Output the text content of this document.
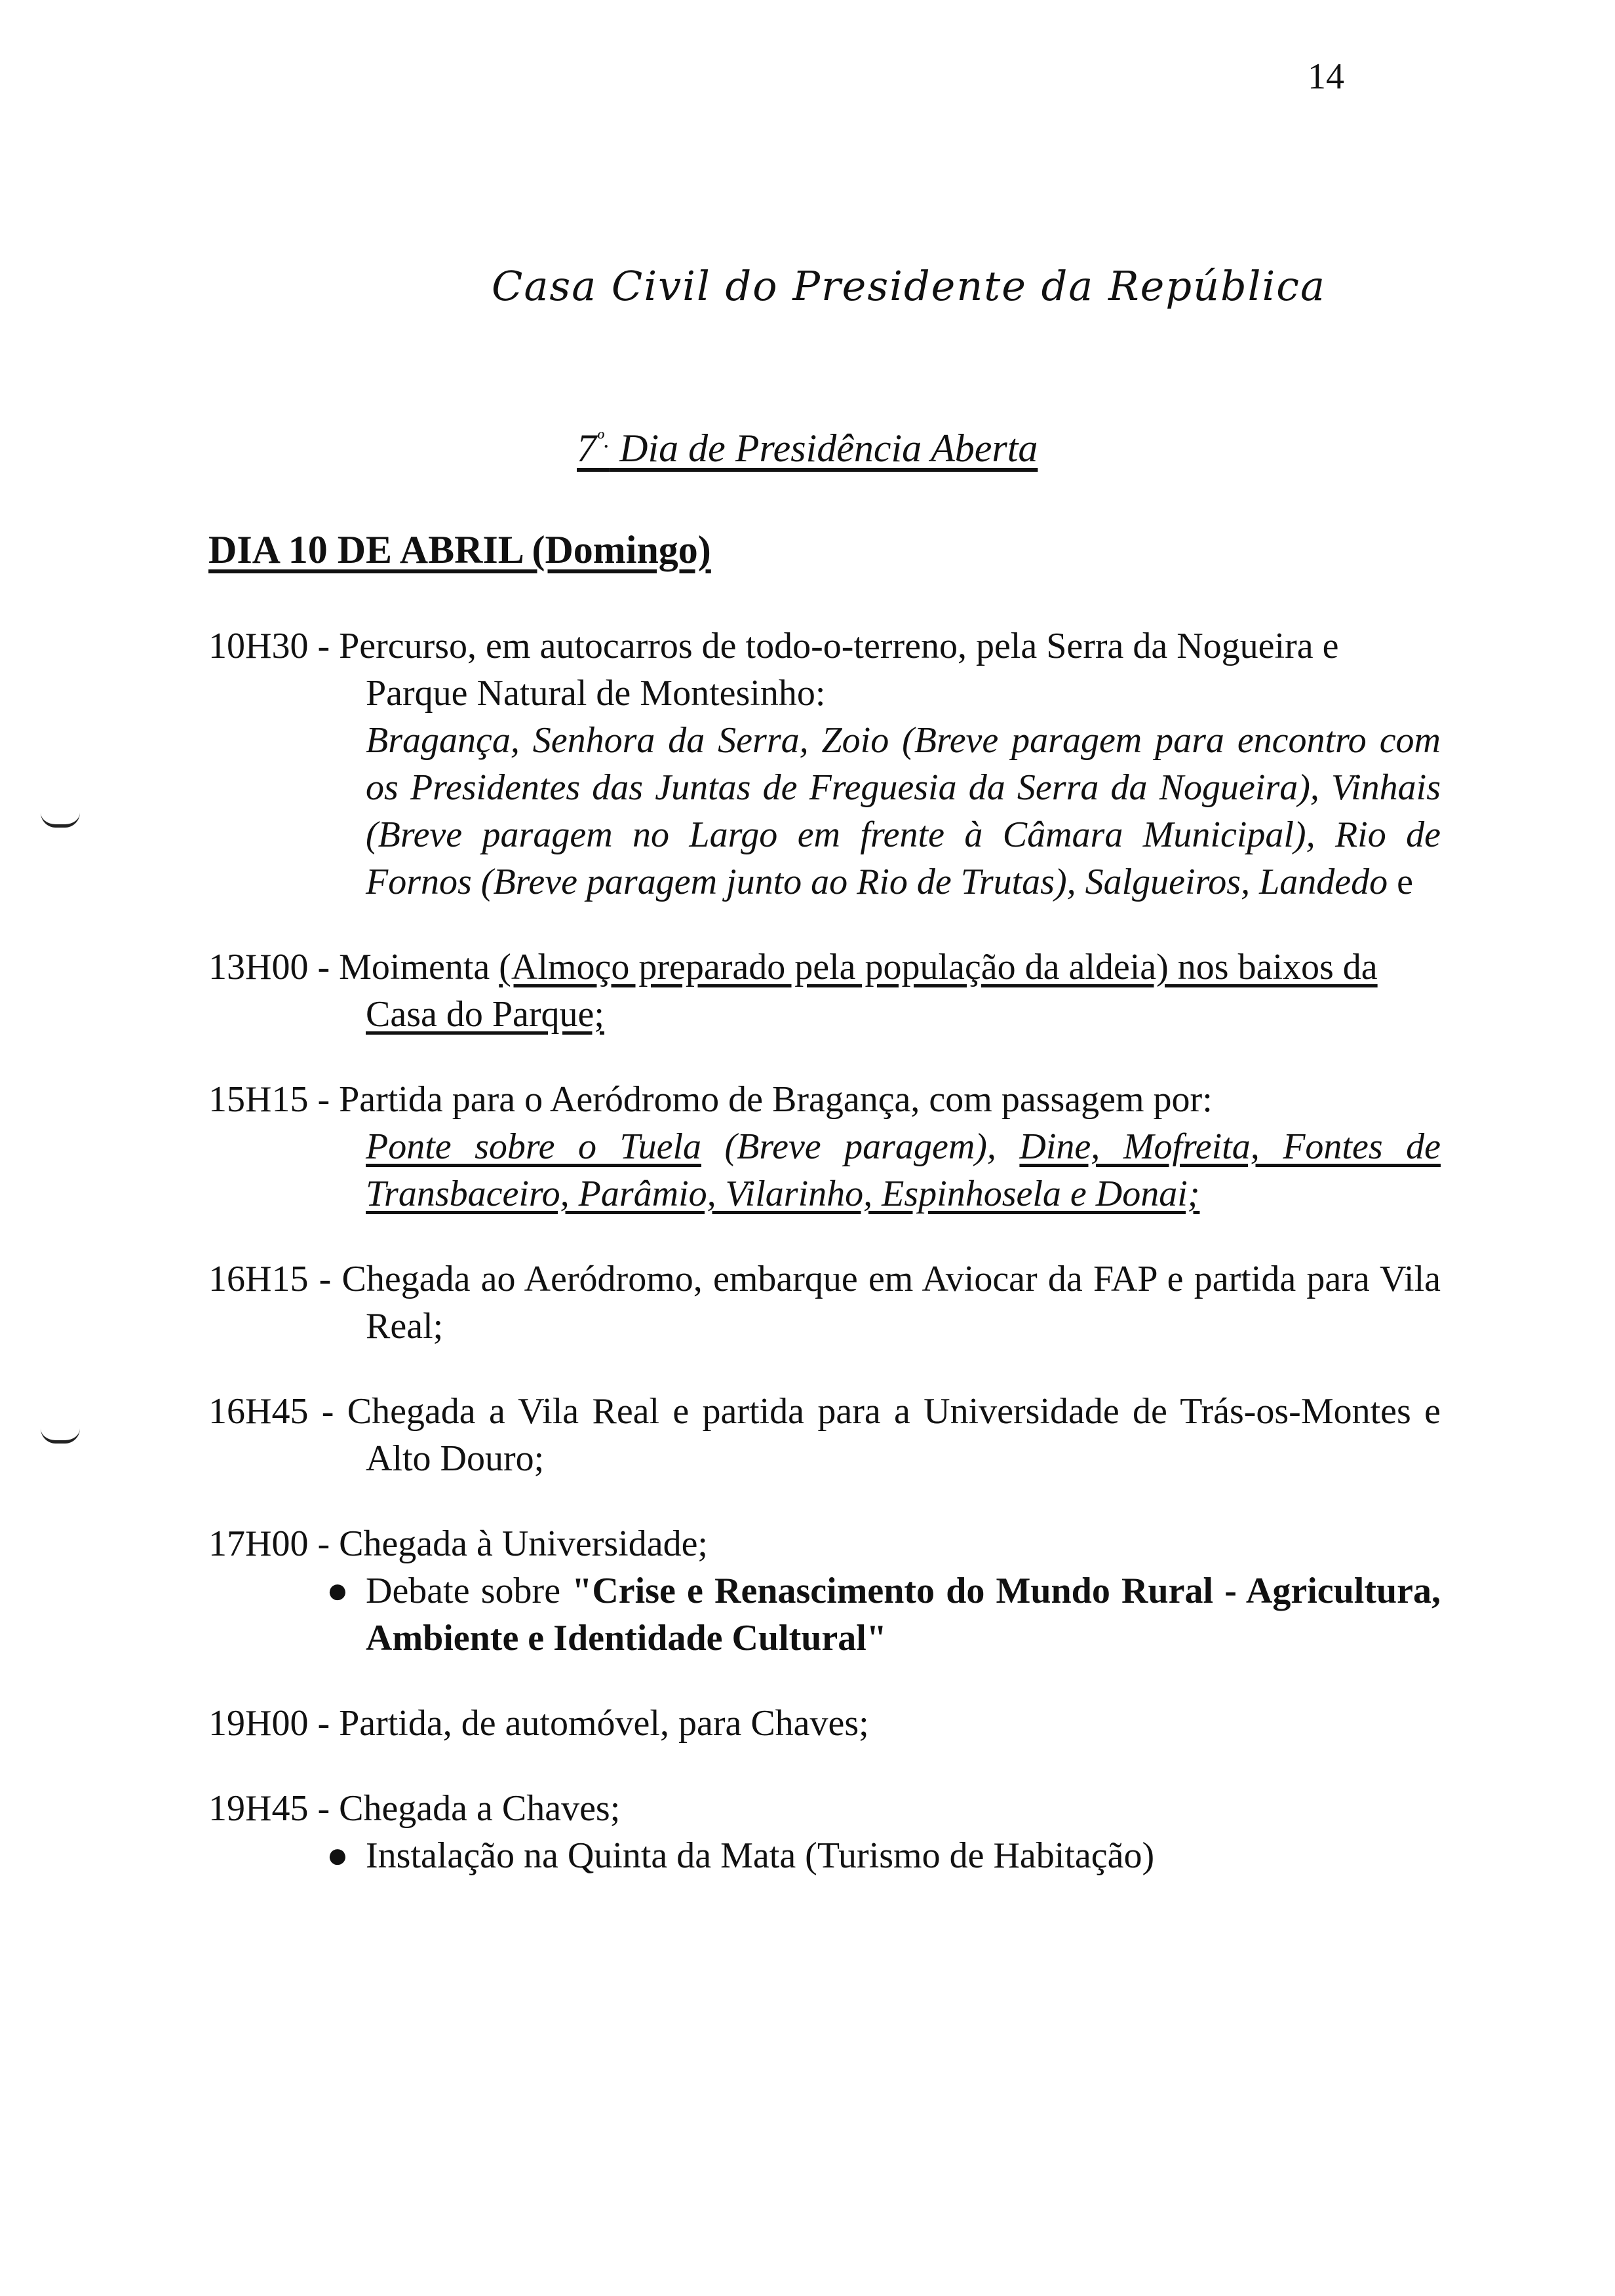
14
Casa Civil do Presidente da República
$7^{º.}$ Dia de Presidência Aberta
DIA 10 DE ABRIL (Domingo)
10H30 - Percurso, em autocarros de todo-o-terreno, pela Serra da Nogueira e Parque Natural de Montesinho:
Bragança, Senhora da Serra, Zoio (Breve paragem para encontro com os Presidentes das Juntas de Freguesia da Serra da Nogueira), Vinhais (Breve paragem no Largo em frente à Câmara Municipal), Rio de Fornos (Breve paragem junto ao Rio de Trutas), Salgueiros, Landedo e
13H00 - Moimenta (Almoço preparado pela população da aldeia) nos baixos da Casa do Parque;
15H15 - Partida para o Aeródromo de Bragança, com passagem por:
Ponte sobre o Tuela (Breve paragem), Dine, Mofreita, Fontes de Transbaceiro, Parâmio, Vilarinho, Espinhosela e Donai;
16H15 - Chegada ao Aeródromo, embarque em Aviocar da FAP e partida para Vila Real;
16H45 - Chegada a Vila Real e partida para a Universidade de Trás-os-Montes e Alto Douro;
17H00 - Chegada à Universidade;
● Debate sobre "Crise e Renascimento do Mundo Rural - Agricultura, Ambiente e Identidade Cultural"
19H00 - Partida, de automóvel, para Chaves;
19H45 - Chegada a Chaves;
● Instalação na Quinta da Mata (Turismo de Habitação)
